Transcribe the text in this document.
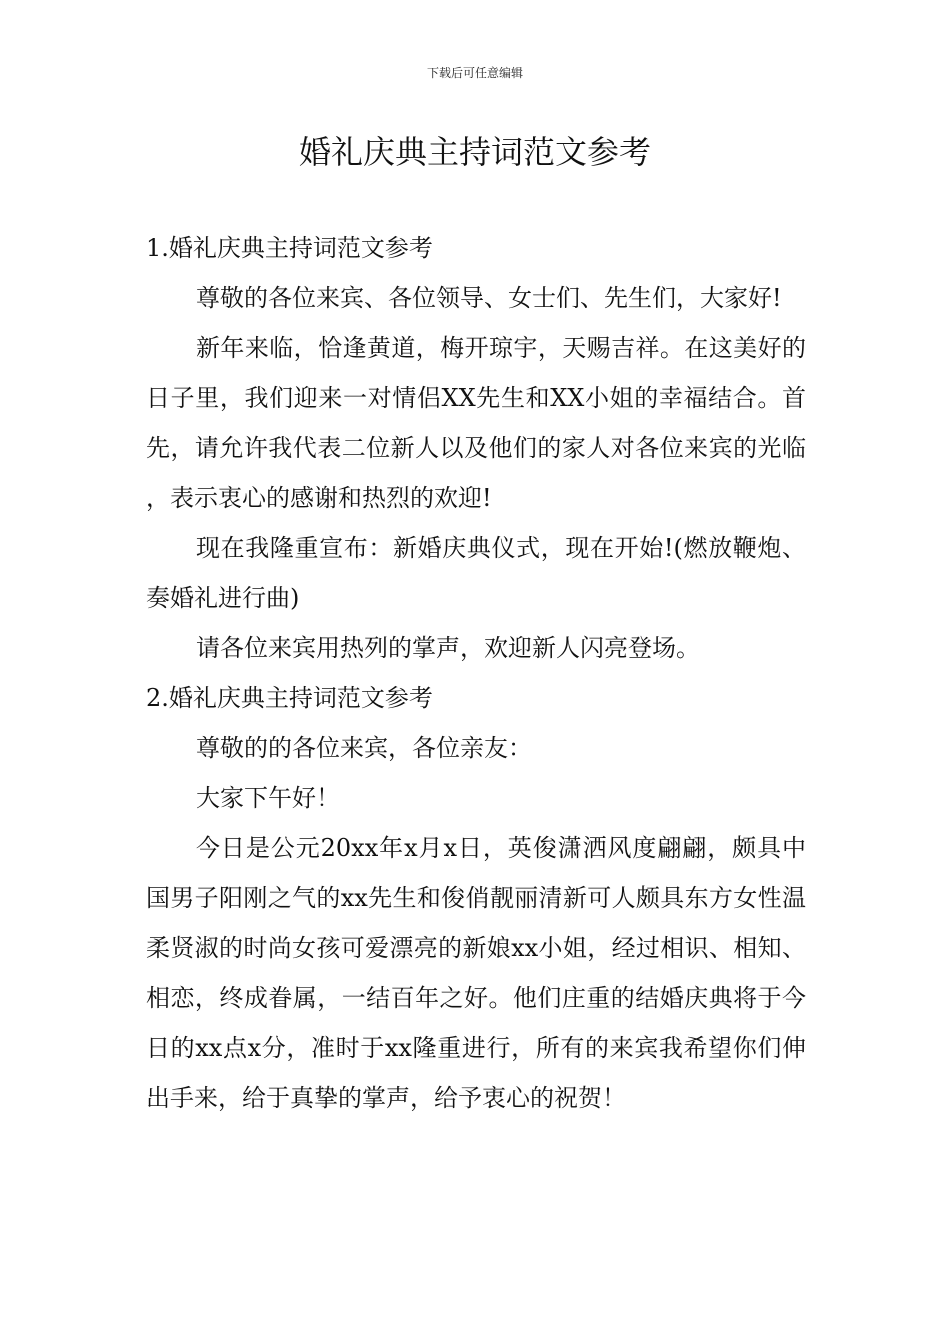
下载后可任意编辑
婚礼庆典主持词范文参考

1.婚礼庆典主持词范文参考

尊敬的各位来宾、各位领导、女士们、先生们，大家好!

新年来临，恰逢黄道，梅开琼宇，天赐吉祥。在这美好的日子里，我们迎来一对情侣XX先生和XX小姐的幸福结合。首先，请允许我代表二位新人以及他们的家人对各位来宾的光临，表示衷心的感谢和热烈的欢迎!

现在我隆重宣布：新婚庆典仪式，现在开始!(燃放鞭炮、奏婚礼进行曲)

请各位来宾用热列的掌声，欢迎新人闪亮登场。

2.婚礼庆典主持词范文参考

尊敬的的各位来宾，各位亲友：

大家下午好！

今日是公元20xx年x月x日，英俊潇洒风度翩翩，颇具中国男子阳刚之气的xx先生和俊俏靓丽清新可人颇具东方女性温柔贤淑的时尚女孩可爱漂亮的新娘xx小姐，经过相识、相知、相恋，终成眷属，一结百年之好。他们庄重的结婚庆典将于今日的xx点x分，准时于xx隆重进行，所有的来宾我希望你们伸出手来，给于真挚的掌声，给予衷心的祝贺！
